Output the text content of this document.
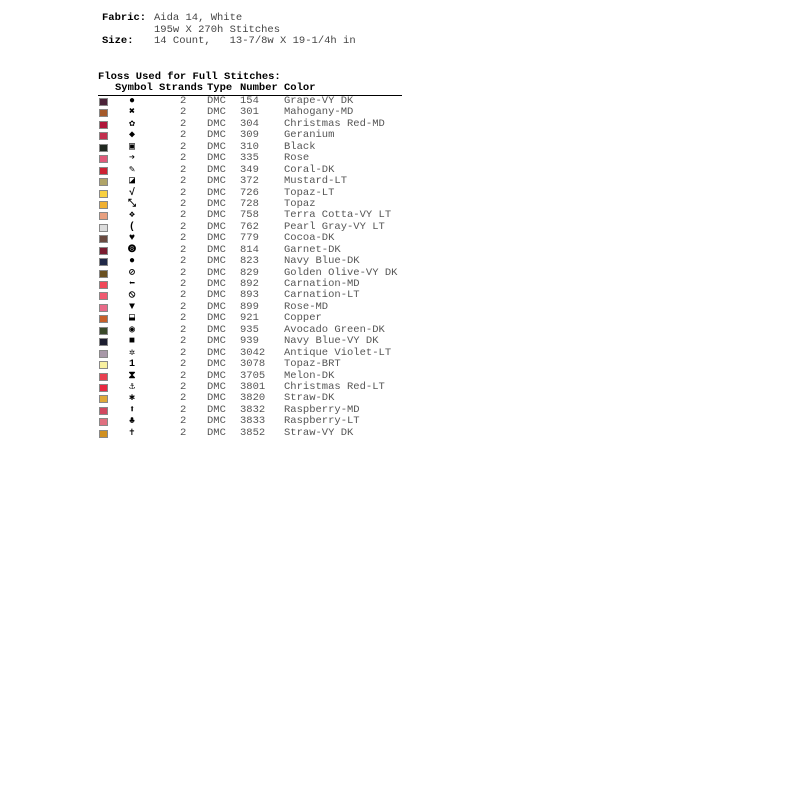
Fabric: Aida 14, White
195w X 270h Stitches
Size:	14 Count,   13-7/8w X 19-1/4h in
Floss Used for Full Stitches:
Symbol Strands Type Number Color
●	2 DMC 154 Grape-VY DK
✖	2 DMC 301 Mahogany-MD
✿	2 DMC 304 Christmas Red-MD
◆	2 DMC 309 Geranium
▣	2 DMC 310 Black
➔	2 DMC 335 Rose
✎	2 DMC 349 Coral-DK
◪	2 DMC 372 Mustard-LT
√	2 DMC 726 Topaz-LT
⤡	2 DMC 728 Topaz
❖	2 DMC 758 Terra Cotta-VY LT
(	2 DMC 762 Pearl Gray-VY LT
♥	2 DMC 779 Cocoa-DK
❽	2 DMC 814 Garnet-DK
●	2 DMC 823 Navy Blue-DK
⊘	2 DMC 829 Golden Olive-VY DK
⬅	2 DMC 892 Carnation-MD
⦸	2 DMC 893 Carnation-LT
▼	2 DMC 899 Rose-MD
⬓	2 DMC 921 Copper
◉	2 DMC 935 Avocado Green-DK
■	2 DMC 939 Navy Blue-VY DK
✲	2 DMC 3042 Antique Violet-LT
1	2 DMC 3078 Topaz-BRT
⧗	2 DMC 3705 Melon-DK
⚓	2 DMC 3801 Christmas Red-LT
✱	2 DMC 3820 Straw-DK
⬆	2 DMC 3832 Raspberry-MD
♣	2 DMC 3833 Raspberry-LT
✝	2 DMC 3852 Straw-VY DK
